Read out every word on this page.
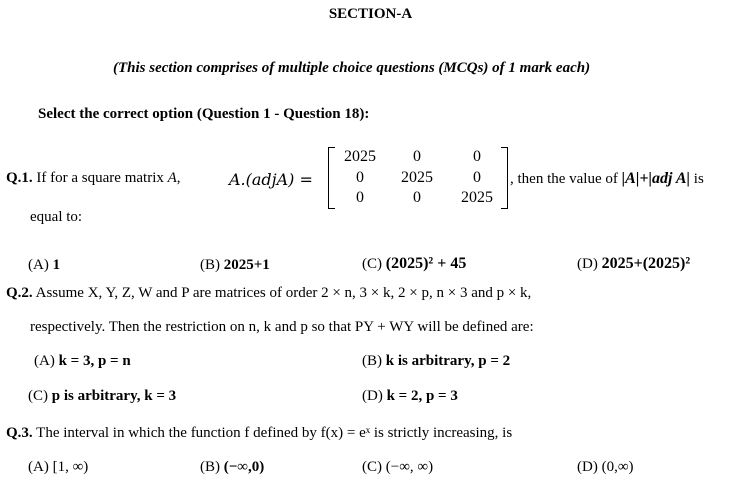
SECTION-A
(This section comprises of multiple choice questions (MCQs) of 1 mark each)
Select the correct option (Question 1 - Question 18):
Q.1. If for a square matrix A,	A.(adjA) =
2025	0	0
0	2025	0
0	0	2025
, then the value of |A|+|adj A| is
equal to:
(A) 1	(B) 2025+1	(C) (2025)² + 45	(D) 2025+(2025)²
Q.2. Assume X, Y, Z, W and P are matrices of order 2 × n, 3 × k, 2 × p, n × 3 and p × k,
respectively. Then the restriction on n, k and p so that PY + WY will be defined are:
(A) k = 3, p = n	(B) k is arbitrary, p = 2
(C) p is arbitrary, k = 3	(D) k = 2, p = 3
Q.3. The interval in which the function f defined by f(x) = eˣ is strictly increasing, is
(A) [1, ∞)	(B) (−∞,0)	(C) (−∞, ∞)	(D) (0,∞)
